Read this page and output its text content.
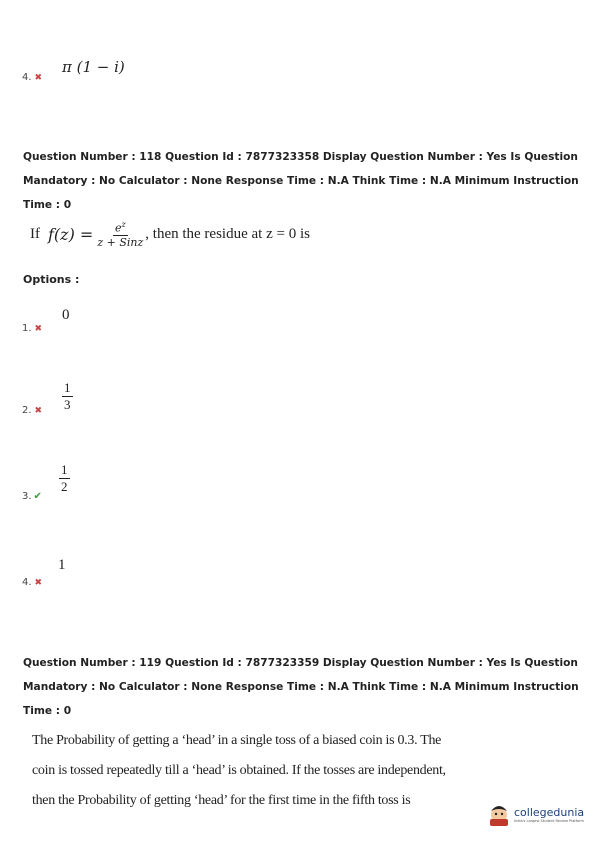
4. ✖
π (1 − i)
Question Number : 118 Question Id : 7877323358 Display Question Number : Yes Is Question
Mandatory : No Calculator : None Response Time : N.A Think Time : N.A Minimum Instruction
Time : 0
If $f(z) = \frac{e^z}{\text{z + Sinz}}$ , then the residue at z = 0 is
Options :
0
1. ✖
$\frac{1}{3}$
2. ✖
$\frac{1}{2}$
3. ✔
1
4. ✖
Question Number : 119 Question Id : 7877323359 Display Question Number : Yes Is Question
Mandatory : No Calculator : None Response Time : N.A Think Time : N.A Minimum Instruction
Time : 0
The Probability of getting a ‘head’ in a single toss of a biased coin is 0.3. The
coin is tossed repeatedly till a ‘head’ is obtained. If the tosses are independent,
then the Probability of getting ‘head’ for the first time in the fifth toss is
collegedunia
India's Largest Student Review Platform
